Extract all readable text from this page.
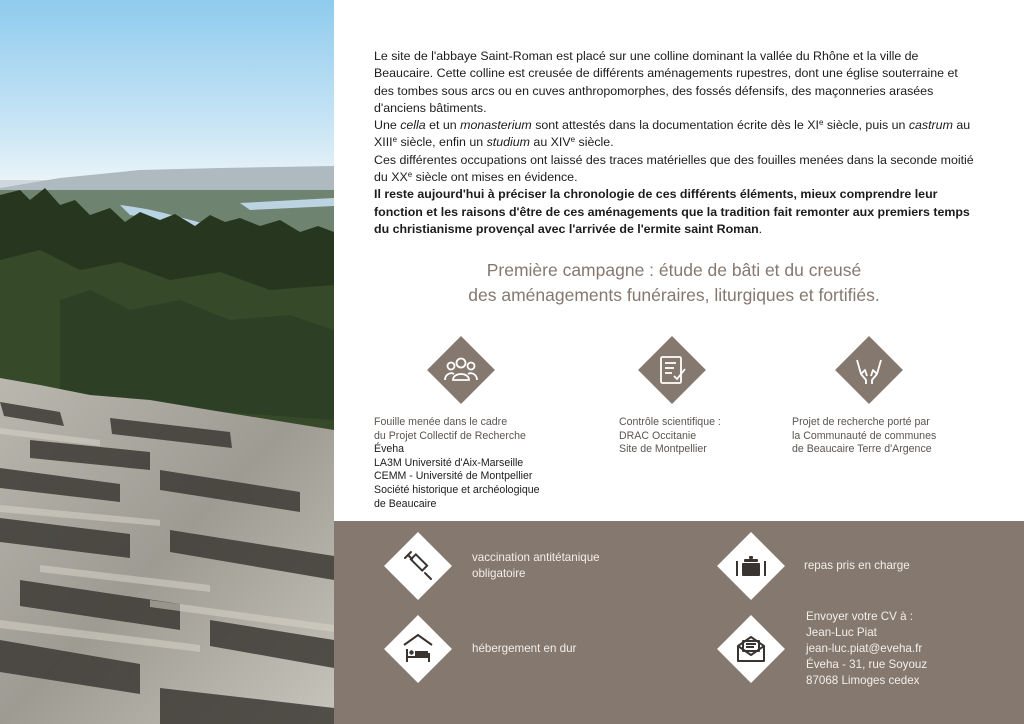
Le site de l'abbaye Saint-Roman est placé sur une colline dominant la vallée du Rhône et la ville de Beaucaire. Cette colline est creusée de différents aménagements rupestres, dont une église souterraine et des tombes sous arcs ou en cuves anthropomorphes, des fossés défensifs, des maçonneries arasées d'anciens bâtiments.

Une cella et un monasterium sont attestés dans la documentation écrite dès le XIe siècle, puis un castrum au XIIIe siècle, enfin un studium au XIVe siècle.

Ces différentes occupations ont laissé des traces matérielles que des fouilles menées dans la seconde moitié du XXe siècle ont mises en évidence.

Il reste aujourd'hui à préciser la chronologie de ces différents éléments, mieux comprendre leur fonction et les raisons d'être de ces aménagements que la tradition fait remonter aux premiers temps du christianisme provençal avec l'arrivée de l'ermite saint Roman.

Première campagne : étude de bâti et du creusé
des aménagements funéraires, liturgiques et fortifiés.
Fouille menée dans le cadre
du Projet Collectif de Recherche
Éveha
LA3M Université d'Aix-Marseille
CEMM - Université de Montpellier
Société historique et archéologique
de Beaucaire
Contrôle scientifique :
DRAC Occitanie
Site de Montpellier
Projet de recherche porté par
la Communauté de communes
de Beaucaire Terre d'Argence
vaccination antitétanique
obligatoire
repas pris en charge
hébergement en dur
Envoyer votre CV à :
Jean-Luc Piat
jean-luc.piat@eveha.fr
Éveha - 31, rue Soyouz
87068 Limoges cedex
